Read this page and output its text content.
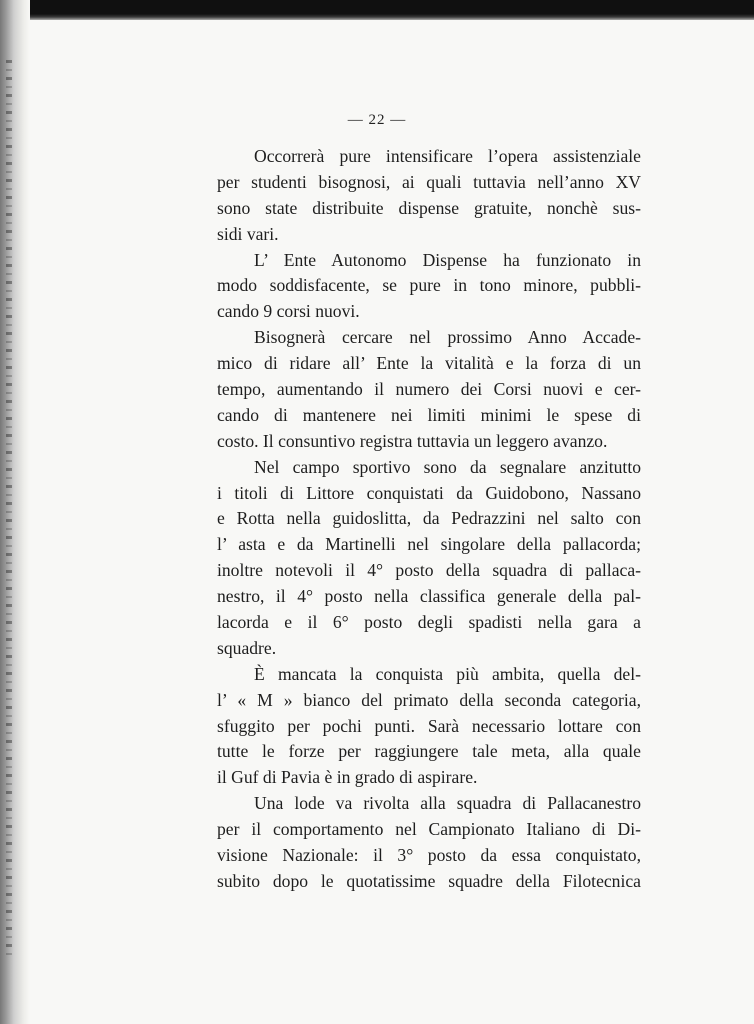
— 22 —
Occorrerà pure intensificare l’opera assistenziale
per studenti bisognosi, ai quali tuttavia nell’anno XV
sono state distribuite dispense gratuite, nonchè sus-
sidi vari.
L’ Ente Autonomo Dispense ha funzionato in
modo soddisfacente, se pure in tono minore, pubbli-
cando 9 corsi nuovi.
Bisognerà cercare nel prossimo Anno Accade-
mico di ridare all’ Ente la vitalità e la forza di un
tempo, aumentando il numero dei Corsi nuovi e cer-
cando di mantenere nei limiti minimi le spese di
costo. Il consuntivo registra tuttavia un leggero avanzo.
Nel campo sportivo sono da segnalare anzitutto
i titoli di Littore conquistati da Guidobono, Nassano
e Rotta nella guidoslitta, da Pedrazzini nel salto con
l’ asta e da Martinelli nel singolare della pallacorda;
inoltre notevoli il 4° posto della squadra di pallaca-
nestro, il 4° posto nella classifica generale della pal-
lacorda e il 6° posto degli spadisti nella gara a
squadre.
È mancata la conquista più ambita, quella del-
l’ « M » bianco del primato della seconda categoria,
sfuggito per pochi punti. Sarà necessario lottare con
tutte le forze per raggiungere tale meta, alla quale
il Guf di Pavia è in grado di aspirare.
Una lode va rivolta alla squadra di Pallacanestro
per il comportamento nel Campionato Italiano di Di-
visione Nazionale: il 3° posto da essa conquistato,
subito dopo le quotatissime squadre della Filotecnica
